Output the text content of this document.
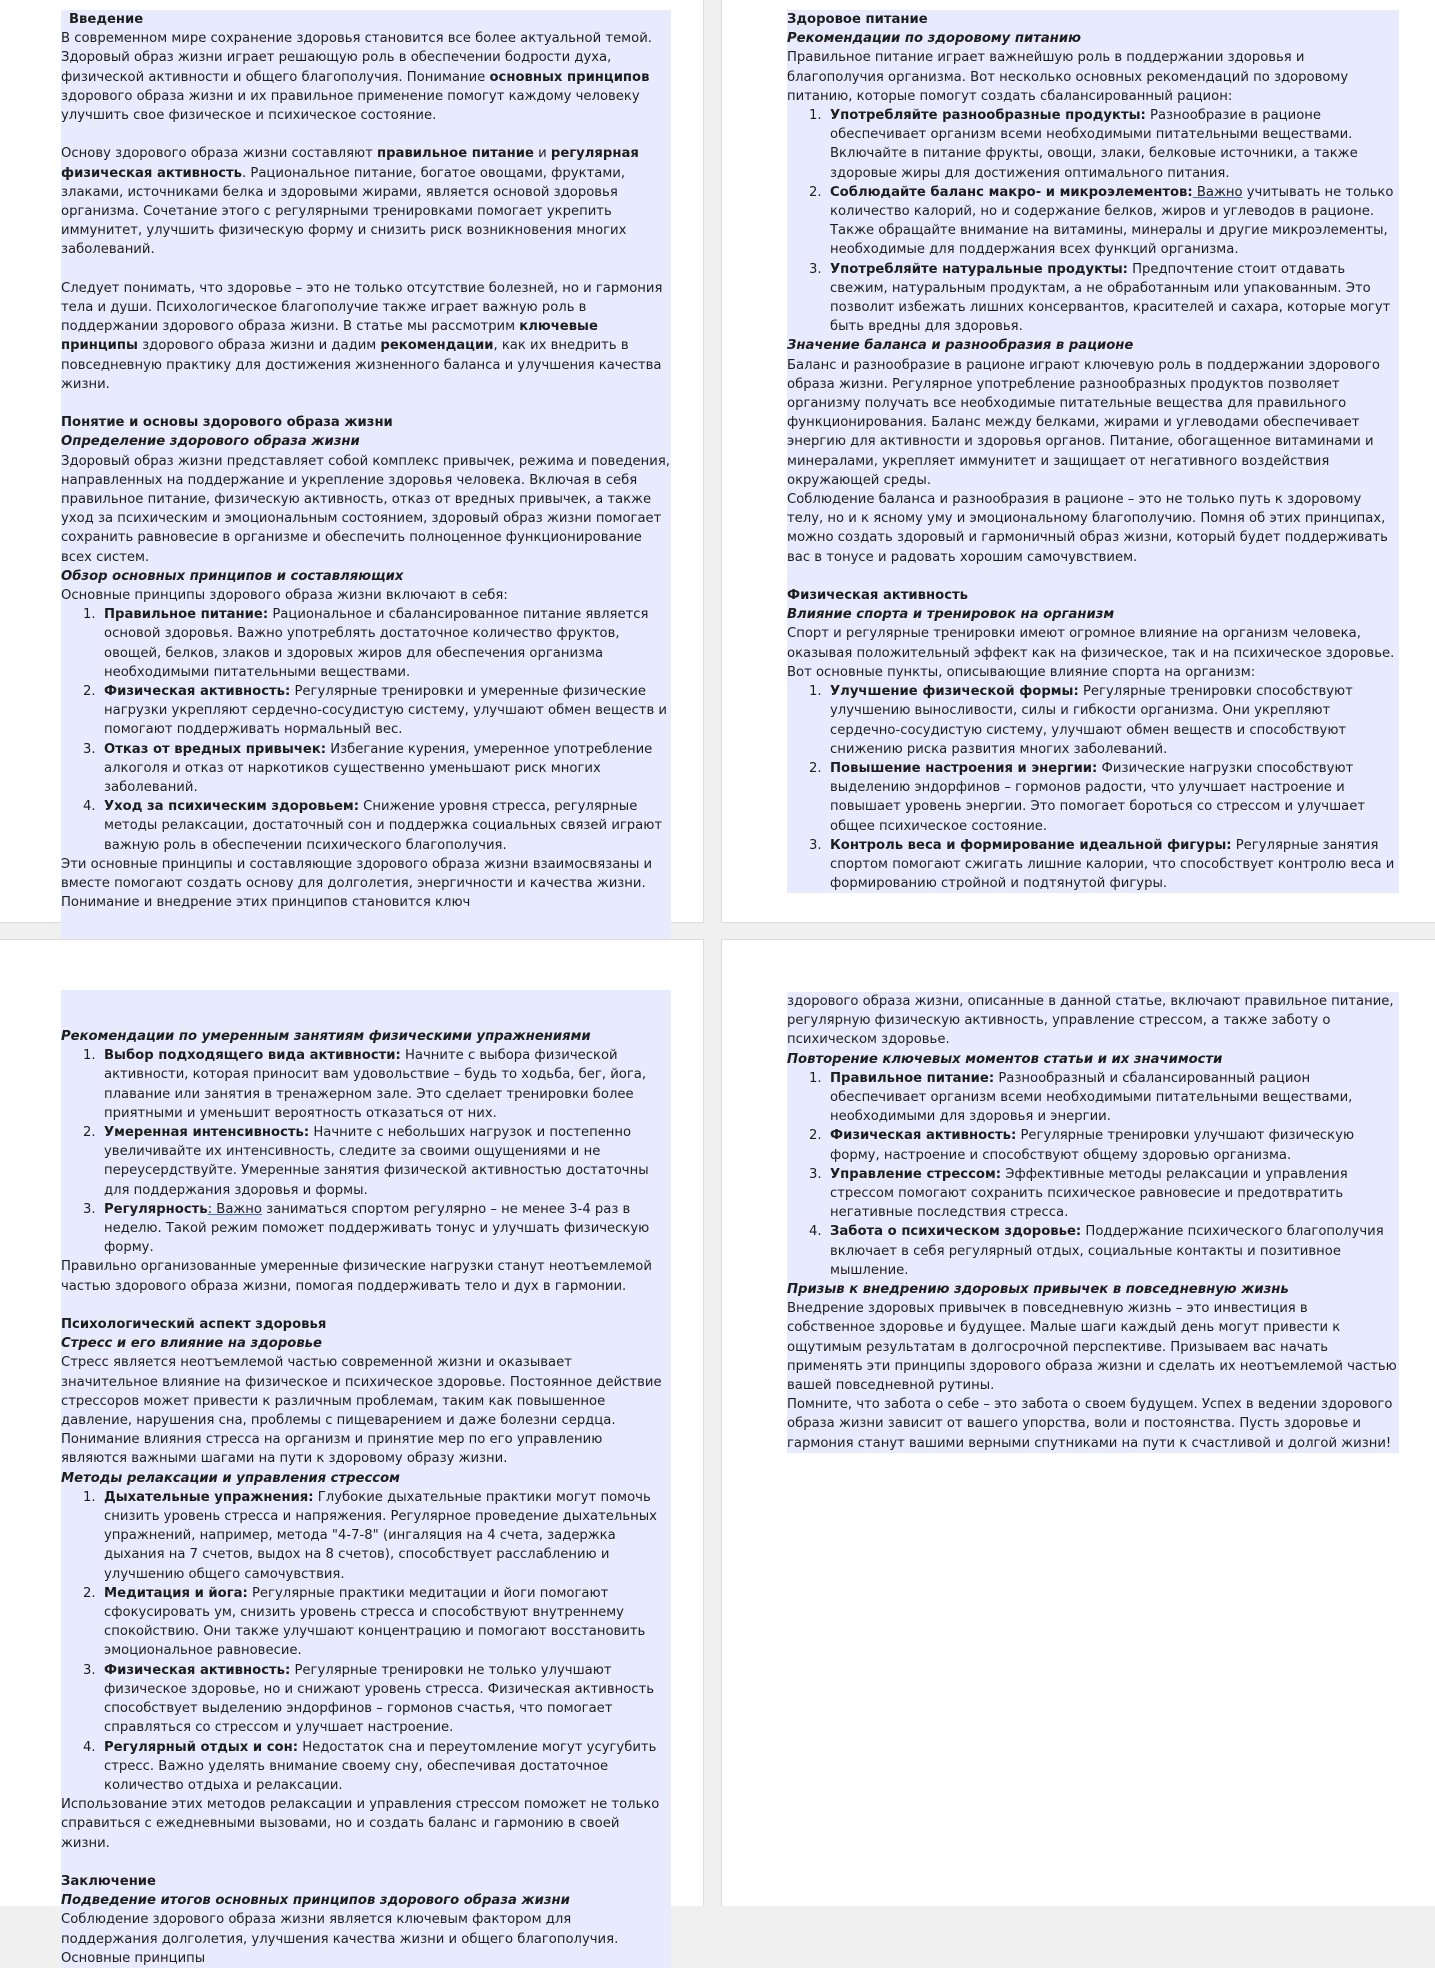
Введение

В современном мире сохранение здоровья становится все более актуальной темой. Здоровый образ жизни играет решающую роль в обеспечении бодрости духа, физической активности и общего благополучия. Понимание основных принципов здорового образа жизни и их правильное применение помогут каждому человеку улучшить свое физическое и психическое состояние.

Основу здорового образа жизни составляют правильное питание и регулярная физическая активность. Рациональное питание, богатое овощами, фруктами, злаками, источниками белка и здоровыми жирами, является основой здоровья организма. Сочетание этого с регулярными тренировками помогает укрепить иммунитет, улучшить физическую форму и снизить риск возникновения многих заболеваний.

Следует понимать, что здоровье – это не только отсутствие болезней, но и гармония тела и души. Психологическое благополучие также играет важную роль в поддержании здорового образа жизни. В статье мы рассмотрим ключевые принципы здорового образа жизни и дадим рекомендации, как их внедрить в повседневную практику для достижения жизненного баланса и улучшения качества жизни.

Понятие и основы здорового образа жизни

Определение здорового образа жизни

Здоровый образ жизни представляет собой комплекс привычек, режима и поведения, направленных на поддержание и укрепление здоровья человека. Включая в себя правильное питание, физическую активность, отказ от вредных привычек, а также уход за психическим и эмоциональным состоянием, здоровый образ жизни помогает сохранить равновесие в организме и обеспечить полноценное функционирование всех систем.

Обзор основных принципов и составляющих

Основные принципы здорового образа жизни включают в себя:

Правильное питание: Рациональное и сбалансированное питание является основой здоровья. Важно употреблять достаточное количество фруктов, овощей, белков, злаков и здоровых жиров для обеспечения организма необходимыми питательными веществами.
Физическая активность: Регулярные тренировки и умеренные физические нагрузки укрепляют сердечно-сосудистую систему, улучшают обмен веществ и помогают поддерживать нормальный вес.
Отказ от вредных привычек: Избегание курения, умеренное употребление алкоголя и отказ от наркотиков существенно уменьшают риск многих заболеваний.
Уход за психическим здоровьем: Снижение уровня стресса, регулярные методы релаксации, достаточный сон и поддержка социальных связей играют важную роль в обеспечении психического благополучия.

Эти основные принципы и составляющие здорового образа жизни взаимосвязаны и вместе помогают создать основу для долголетия, энергичности и качества жизни. Понимание и внедрение этих принципов становится ключ

Здоровое питание

Рекомендации по здоровому питанию

Правильное питание играет важнейшую роль в поддержании здоровья и благополучия организма. Вот несколько основных рекомендаций по здоровому питанию, которые помогут создать сбалансированный рацион:

Употребляйте разнообразные продукты: Разнообразие в рационе обеспечивает организм всеми необходимыми питательными веществами. Включайте в питание фрукты, овощи, злаки, белковые источники, а также здоровые жиры для достижения оптимального питания.
Соблюдайте баланс макро- и микроэлементов: Важно учитывать не только количество калорий, но и содержание белков, жиров и углеводов в рационе. Также обращайте внимание на витамины, минералы и другие микроэлементы, необходимые для поддержания всех функций организма.
Употребляйте натуральные продукты: Предпочтение стоит отдавать свежим, натуральным продуктам, а не обработанным или упакованным. Это позволит избежать лишних консервантов, красителей и сахара, которые могут быть вредны для здоровья.

Значение баланса и разнообразия в рационе

Баланс и разнообразие в рационе играют ключевую роль в поддержании здорового образа жизни. Регулярное употребление разнообразных продуктов позволяет организму получать все необходимые питательные вещества для правильного функционирования. Баланс между белками, жирами и углеводами обеспечивает энергию для активности и здоровья органов. Питание, обогащенное витаминами и минералами, укрепляет иммунитет и защищает от негативного воздействия окружающей среды.

Соблюдение баланса и разнообразия в рационе – это не только путь к здоровому телу, но и к ясному уму и эмоциональному благополучию. Помня об этих принципах, можно создать здоровый и гармоничный образ жизни, который будет поддерживать вас в тонусе и радовать хорошим самочувствием.

Физическая активность

Влияние спорта и тренировок на организм

Спорт и регулярные тренировки имеют огромное влияние на организм человека, оказывая положительный эффект как на физическое, так и на психическое здоровье. Вот основные пункты, описывающие влияние спорта на организм:

Улучшение физической формы: Регулярные тренировки способствуют улучшению выносливости, силы и гибкости организма. Они укрепляют сердечно-сосудистую систему, улучшают обмен веществ и способствуют снижению риска развития многих заболеваний.
Повышение настроения и энергии: Физические нагрузки способствуют выделению эндорфинов – гормонов радости, что улучшает настроение и повышает уровень энергии. Это помогает бороться со стрессом и улучшает общее психическое состояние.
Контроль веса и формирование идеальной фигуры: Регулярные занятия спортом помогают сжигать лишние калории, что способствует контролю веса и формированию стройной и подтянутой фигуры.

Рекомендации по умеренным занятиям физическими упражнениями

Выбор подходящего вида активности: Начните с выбора физической активности, которая приносит вам удовольствие – будь то ходьба, бег, йога, плавание или занятия в тренажерном зале. Это сделает тренировки более приятными и уменьшит вероятность отказаться от них.
Умеренная интенсивность: Начните с небольших нагрузок и постепенно увеличивайте их интенсивность, следите за своими ощущениями и не переусердствуйте. Умеренные занятия физической активностью достаточны для поддержания здоровья и формы.
Регулярность: Важно заниматься спортом регулярно – не менее 3-4 раз в неделю. Такой режим поможет поддерживать тонус и улучшать физическую форму.

Правильно организованные умеренные физические нагрузки станут неотъемлемой частью здорового образа жизни, помогая поддерживать тело и дух в гармонии.

Психологический аспект здоровья

Стресс и его влияние на здоровье

Стресс является неотъемлемой частью современной жизни и оказывает значительное влияние на физическое и психическое здоровье. Постоянное действие стрессоров может привести к различным проблемам, таким как повышенное давление, нарушения сна, проблемы с пищеварением и даже болезни сердца. Понимание влияния стресса на организм и принятие мер по его управлению являются важными шагами на пути к здоровому образу жизни.

Методы релаксации и управления стрессом

Дыхательные упражнения: Глубокие дыхательные практики могут помочь снизить уровень стресса и напряжения. Регулярное проведение дыхательных упражнений, например, метода "4-7-8" (ингаляция на 4 счета, задержка дыхания на 7 счетов, выдох на 8 счетов), способствует расслаблению и улучшению общего самочувствия.
Медитация и йога: Регулярные практики медитации и йоги помогают сфокусировать ум, снизить уровень стресса и способствуют внутреннему спокойствию. Они также улучшают концентрацию и помогают восстановить эмоциональное равновесие.
Физическая активность: Регулярные тренировки не только улучшают физическое здоровье, но и снижают уровень стресса. Физическая активность способствует выделению эндорфинов – гормонов счастья, что помогает справляться со стрессом и улучшает настроение.
Регулярный отдых и сон: Недостаток сна и переутомление могут усугубить стресс. Важно уделять внимание своему сну, обеспечивая достаточное количество отдыха и релаксации.

Использование этих методов релаксации и управления стрессом поможет не только справиться с ежедневными вызовами, но и создать баланс и гармонию в своей жизни.

Заключение

Подведение итогов основных принципов здорового образа жизни

Соблюдение здорового образа жизни является ключевым фактором для поддержания долголетия, улучшения качества жизни и общего благополучия. Основные принципы

здорового образа жизни, описанные в данной статье, включают правильное питание, регулярную физическую активность, управление стрессом, а также заботу о психическом здоровье.

Повторение ключевых моментов статьи и их значимости

Правильное питание: Разнообразный и сбалансированный рацион обеспечивает организм всеми необходимыми питательными веществами, необходимыми для здоровья и энергии.
Физическая активность: Регулярные тренировки улучшают физическую форму, настроение и способствуют общему здоровью организма.
Управление стрессом: Эффективные методы релаксации и управления стрессом помогают сохранить психическое равновесие и предотвратить негативные последствия стресса.
Забота о психическом здоровье: Поддержание психического благополучия включает в себя регулярный отдых, социальные контакты и позитивное мышление.

Призыв к внедрению здоровых привычек в повседневную жизнь

Внедрение здоровых привычек в повседневную жизнь – это инвестиция в собственное здоровье и будущее. Малые шаги каждый день могут привести к ощутимым результатам в долгосрочной перспективе. Призываем вас начать применять эти принципы здорового образа жизни и сделать их неотъемлемой частью вашей повседневной рутины.

Помните, что забота о себе – это забота о своем будущем. Успех в ведении здорового образа жизни зависит от вашего упорства, воли и постоянства. Пусть здоровье и гармония станут вашими верными спутниками на пути к счастливой и долгой жизни!
